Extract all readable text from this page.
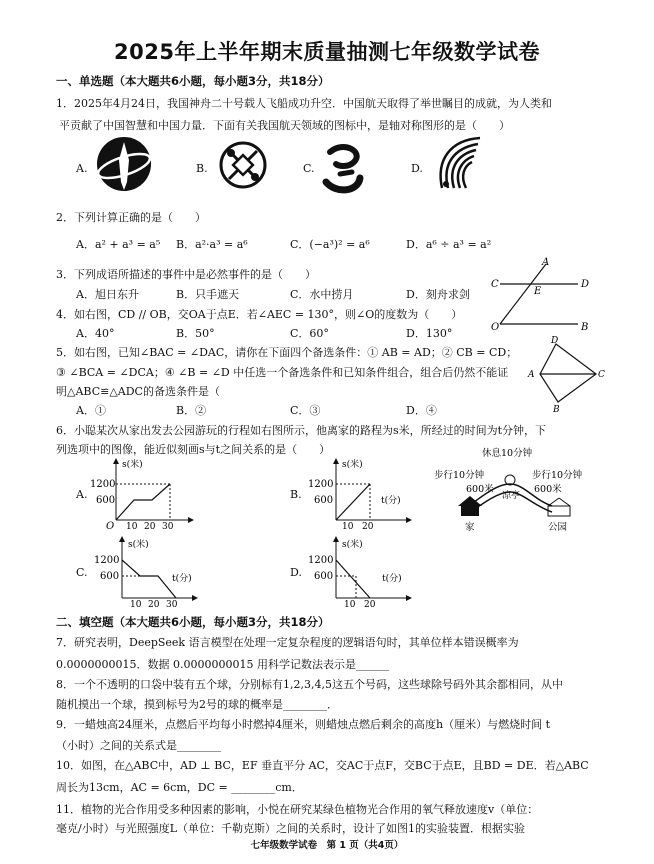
2025年上半年期末质量抽测七年级数学试卷
一、单选题（本大题共6小题，每小题3分，共18分）
1．2025年4月24日，我国神舟二十号载人飞船成功升空．中国航天取得了举世瞩目的成就，为人类和
平贡献了中国智慧和中国力量．下面有关我国航天领域的图标中，是轴对称图形的是（　　）
A.	B.	C.	D.
2．下列计算正确的是（　　）
A．a² + a³ = a⁵ B．a²·a³ = a⁶	C．(−a³)² = a⁶	D．a⁶ ÷ a³ = a²
3．下列成语所描述的事件中是必然事件的是（　　）
A．旭日东升	B．只手遮天	C．水中捞月	D．刻舟求剑
4．如右图，CD // OB，交OA于点E．若∠AEC = 130°，则∠O的度数为（　　）
A．40°	B．50°	C．60°	D．130°
A
C
E
D
O	B
5．如右图，已知∠BAC = ∠DAC，请你在下面四个备选条件：① AB = AD；② CB = CD；
③ ∠BCA = ∠DCA；④ ∠B = ∠D 中任选一个备选条件和已知条件组合，组合后仍然不能证
明△ABC≌△ADC的备选条件是（
A．①	B．②	C．③	D．④
D
A	C
B
6．小聪某次从家出发去公园游玩的行程如右图所示，他离家的路程为s米，所经过的时间为t分钟，下
列选项中的图像，能近似刻画s与t之间关系的是（　　）
A.
s(米)
1200
600
O 10 20 30
B.
s(米)
1200
600	t(分)
10 20
休息10分钟
步行10分钟	步行10分钟
600米	600米
凉亭
家	公园
C.
s(米)
1200
600	t(分)
10 20 30
D.
s(米)
1200
600	t(分)
10 20
二、填空题（本大题共6小题，每小题3分，共18分）
7．研究表明，DeepSeek 语言模型在处理一定复杂程度的逻辑语句时，其单位样本错误概率为
0.0000000015．数据 0.0000000015 用科学记数法表示是______
8．一个不透明的口袋中装有五个球，分别标有1,2,3,4,5这五个号码，这些球除号码外其余都相同，从中
随机摸出一个球，摸到标号为2号的球的概率是________．
9．一蜡烛高24厘米，点燃后平均每小时燃掉4厘米，则蜡烛点燃后剩余的高度h（厘米）与燃烧时间 t
（小时）之间的关系式是________
10．如图，在△ABC中，AD ⊥ BC，EF 垂直平分 AC，交AC于点F，交BC于点E，且BD = DE．若△ABC
周长为13cm，AC = 6cm，DC = ________cm．
11．植物的光合作用受多种因素的影响，小悦在研究某绿色植物光合作用的氧气释放速度v（单位：
毫克/小时）与光照强度L（单位：千勒克斯）之间的关系时，设计了如图1的实验装置．根据实验
七年级数学试卷　第 1 页（共4页）
